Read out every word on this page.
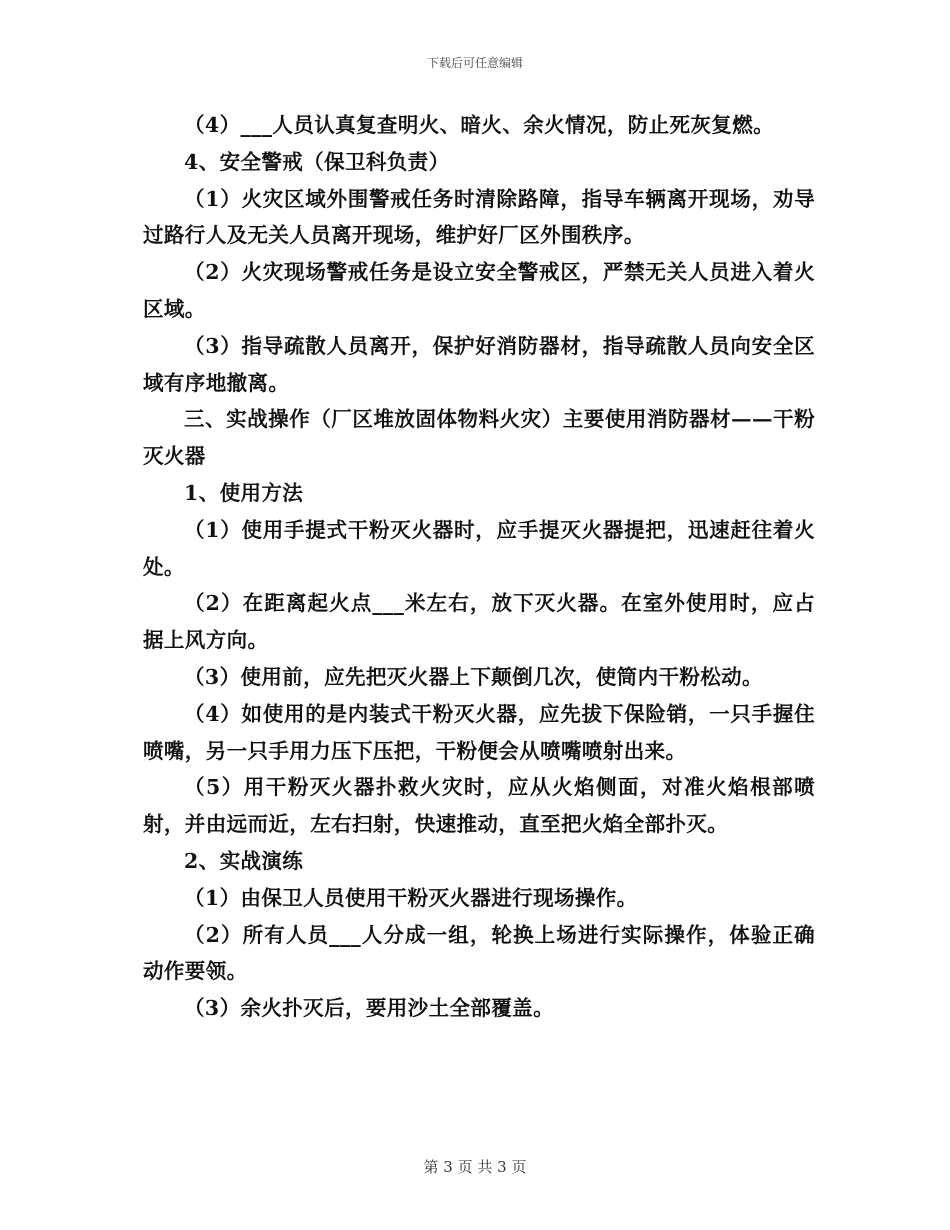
下载后可任意编辑

（4）___人员认真复查明火、暗火、余火情况，防止死灰复燃。

4、安全警戒（保卫科负责）

（1）火灾区域外围警戒任务时清除路障，指导车辆离开现场，劝导过路行人及无关人员离开现场，维护好厂区外围秩序。

（2）火灾现场警戒任务是设立安全警戒区，严禁无关人员进入着火区域。

（3）指导疏散人员离开，保护好消防器材，指导疏散人员向安全区域有序地撤离。

三、实战操作（厂区堆放固体物料火灾）主要使用消防器材——干粉灭火器

1、使用方法

（1）使用手提式干粉灭火器时，应手提灭火器提把，迅速赶往着火处。

（2）在距离起火点___米左右，放下灭火器。在室外使用时，应占据上风方向。

（3）使用前，应先把灭火器上下颠倒几次，使筒内干粉松动。

（4）如使用的是内装式干粉灭火器，应先拔下保险销，一只手握住喷嘴，另一只手用力压下压把，干粉便会从喷嘴喷射出来。

（5）用干粉灭火器扑救火灾时，应从火焰侧面，对准火焰根部喷射，并由远而近，左右扫射，快速推动，直至把火焰全部扑灭。

2、实战演练

（1）由保卫人员使用干粉灭火器进行现场操作。

（2）所有人员___人分成一组，轮换上场进行实际操作，体验正确动作要领。

（3）余火扑灭后，要用沙土全部覆盖。

第 3 页 共 3 页
